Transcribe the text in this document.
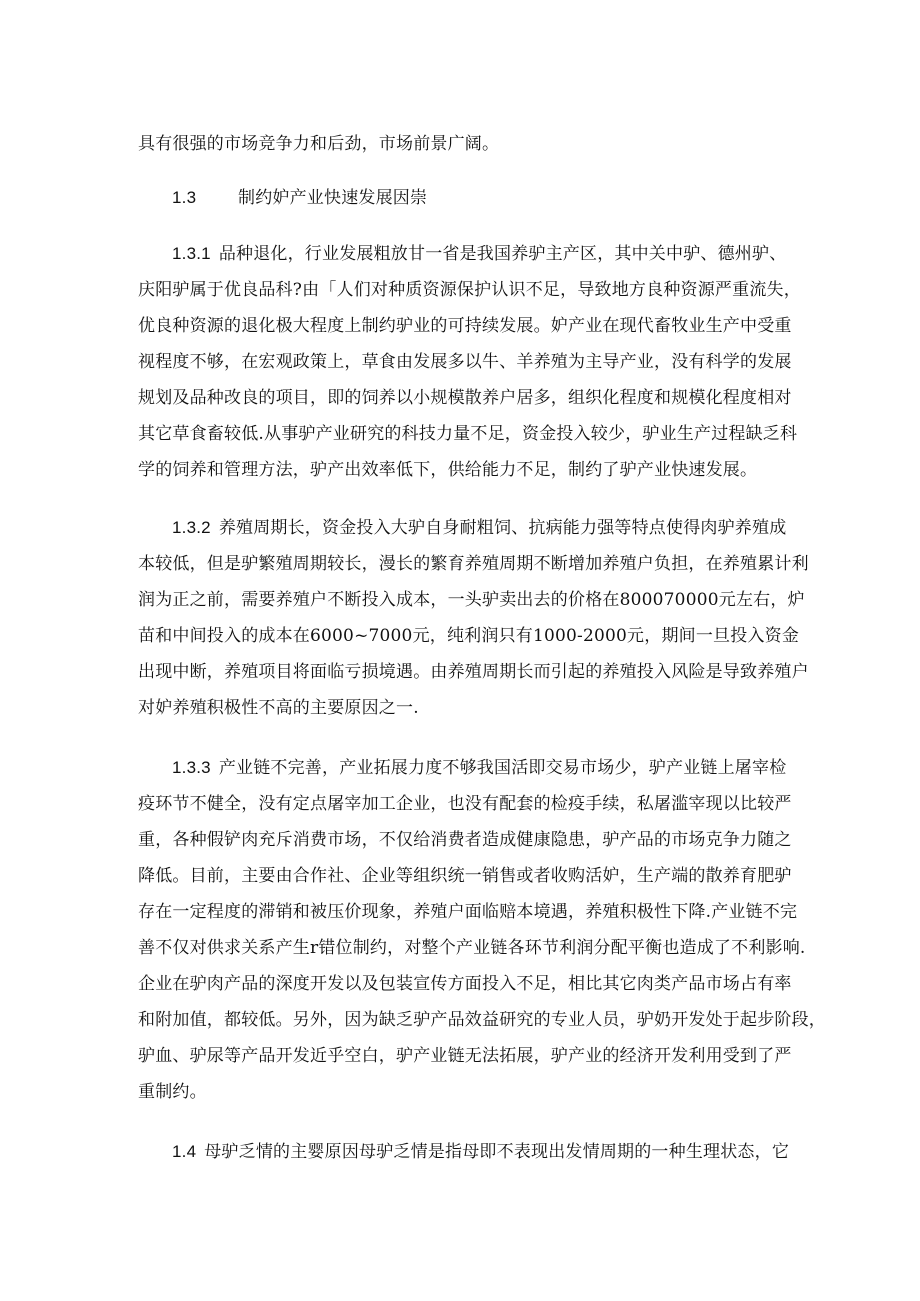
具有很强的市场竞争力和后劲，市场前景广阔。
1.3 制约妒产业快速发展因崇
1.3.1 品种退化，行业发展粗放甘一省是我国养驴主产区，其中关中驴、德州驴、
庆阳驴属于优良品科?由「人们对种质资源保护认识不足，导致地方良种资源严重流失，
优良种资源的退化极大程度上制约驴业的可持续发展。妒产业在现代畜牧业生产中受重
视程度不够，在宏观政策上，草食由发展多以牛、羊养殖为主导产业，没有科学的发展
规划及品种改良的项目，即的饲养以小规模散养户居多，组织化程度和规模化程度相对
其它草食畜较低.从事驴产业研究的科技力量不足，资金投入较少，驴业生产过程缺乏科
学的饲养和管理方法，驴产出效率低下，供给能力不足，制约了驴产业快速发展。
1.3.2 养殖周期长，资金投入大驴自身耐粗饲、抗病能力强等特点使得肉驴养殖成
本较低，但是驴繁殖周期较长，漫长的繁育养殖周期不断增加养殖户负担，在养殖累计利
润为正之前，需要养殖户不断投入成本，一头驴卖出去的价格在800070000元左右，炉
苗和中间投入的成本在6000~7000元，纯利润只有1000-2000元，期间一旦投入资金
出现中断，养殖项目将面临亏损境遇。由养殖周期长而引起的养殖投入风险是导致养殖户
对妒养殖积极性不高的主要原因之一.
1.3.3 产业链不完善，产业拓展力度不够我国活即交易市场少，驴产业链上屠宰检
疫环节不健全，没有定点屠宰加工企业，也没有配套的检疫手续，私屠滥宰现以比较严
重，各种假铲肉充斥消费市场，不仅给消费者造成健康隐患，驴产品的市场克争力随之
降低。目前，主要由合作社、企业等组织统一销售或者收购活妒，生产端的散养育肥驴
存在一定程度的滞销和被压价现象，养殖户面临赔本境遇，养殖积极性下降.产业链不完
善不仅对供求关系产生r错位制约，对整个产业链各环节利润分配平衡也造成了不利影响.
企业在驴肉产品的深度开发以及包装宣传方面投入不足，相比其它肉类产品市场占有率
和附加值，都较低。另外，因为缺乏驴产品效益研究的专业人员，驴奶开发处于起步阶段，
驴血、驴尿等产品开发近乎空白，驴产业链无法拓展，驴产业的经济开发利用受到了严
重制约。
1.4 母驴乏情的主婴原因母驴乏情是指母即不表现出发情周期的一种生理状态，它
